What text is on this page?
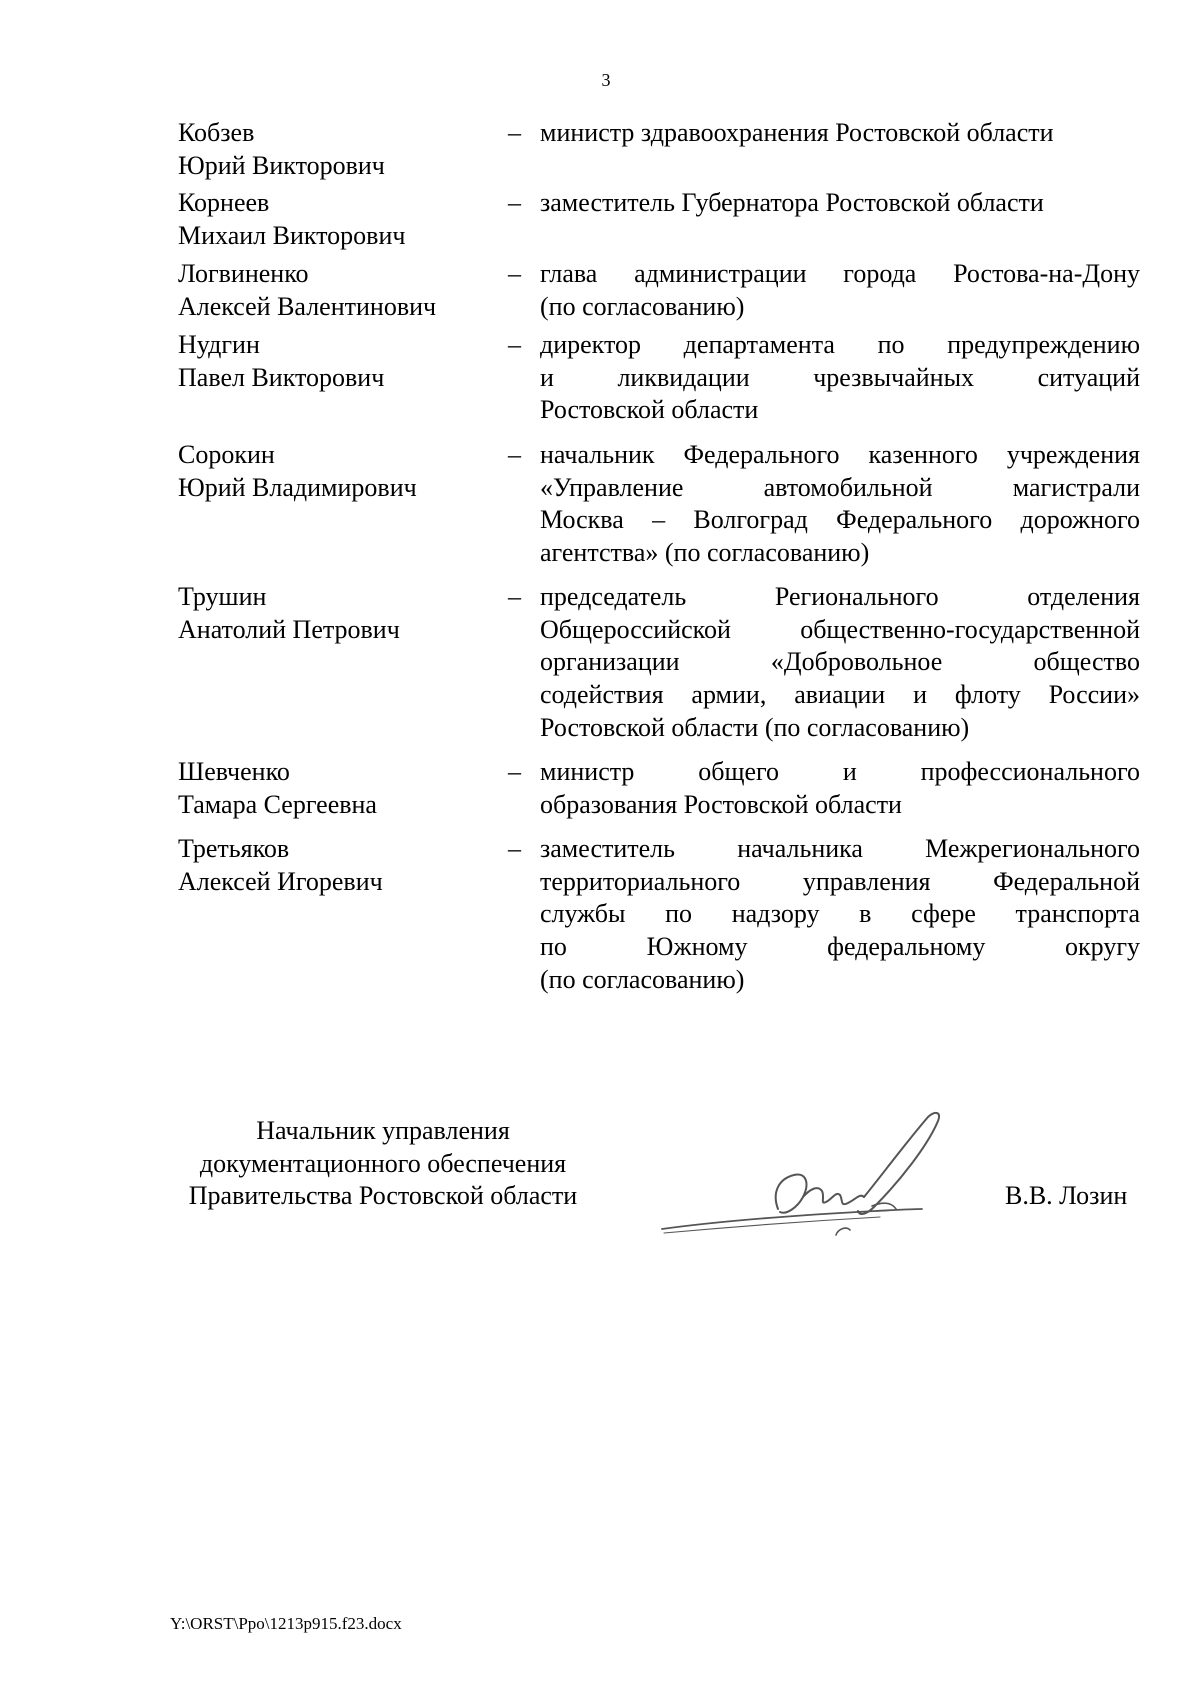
3
Кобзев
Юрий Викторович
– министр здравоохранения Ростовской области
Корнеев
Михаил Викторович
– заместитель Губернатора Ростовской области
Логвиненко
Алексей Валентинович
– глава администрации города Ростова-на-Дону
(по согласованию)
Нудгин
Павел Викторович
– директор департамента по предупреждению
и ликвидации чрезвычайных ситуаций
Ростовской области
Сорокин
Юрий Владимирович
– начальник Федерального казенного учреждения
«Управление автомобильной магистрали
Москва – Волгоград Федерального дорожного
агентства» (по согласованию)
Трушин
Анатолий Петрович
– председатель Регионального отделения
Общероссийской общественно-государственной
организации «Добровольное общество
содействия армии, авиации и флоту России»
Ростовской области (по согласованию)
Шевченко
Тамара Сергеевна
– министр общего и профессионального
образования Ростовской области
Третьяков
Алексей Игоревич
– заместитель начальника Межрегионального
территориального управления Федеральной
службы по надзору в сфере транспорта
по Южному федеральному округу
(по согласованию)
Начальник управления
документационного обеспечения
Правительства Ростовской области	В.В. Лозин
Y:\ORST\Ppo\1213p915.f23.docx
